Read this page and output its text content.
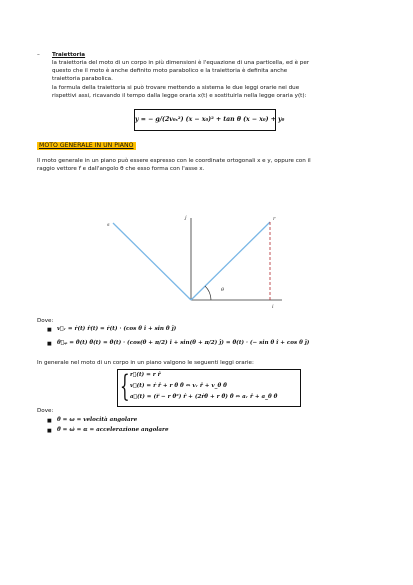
– Traiettoria
la traiettoria del moto di un corpo in più dimensioni è l'equazione di una particella, ed è per
questo che il moto è anche definito moto parabolico e la traiettoria è definita anche
traiettoria parabolica.
la formula della traiettoria si può trovare mettendo a sistema le due leggi orarie nei due
rispettivi assi, ricavando il tempo dalla legge oraria x(t) e sostituirla nella legge oraria y(t):
y = − g/(2v₀ₓ²) (x − x₀)² + tan θ (x − x₀) + y₀
MOTO GENERALE IN UN PIANO
Il moto generale in un piano può essere espresso con le coordinate ortogonali x e y, oppure con il
raggio vettore r⃗ e dall'angolo θ che esso forma con l'asse x.
j
i
s
r
θ
Dove:
■ v⃗ᵣ = ṙ(t) r̂(t) = ṙ(t) · (cos θ î + sin θ ĵ)
■ θ⃗ᵩ = θ̇(t) θ̂(t) = θ̇(t) · (cos(θ + π/2) î + sin(θ + π/2) ĵ) = θ̇(t) · (− sin θ î + cos θ ĵ)
In generale nel moto di un corpo in un piano valgono le seguenti leggi orarie:
{ r⃗(t) = r r̂
v⃗(t) = ṙ r̂ + r θ̇ θ̂ ⇔ vᵣ r̂ + v_θ θ̂
a⃗(t) = (r̈ − r θ̇²) r̂ + (2ṙθ̇ + r θ̈) θ̂ ⇔ aᵣ r̂ + a_θ θ̂
Dove:
■ θ̇ = ω = velocità angolare
■ θ̈ = ω̇ = α = accelerazione angolare
